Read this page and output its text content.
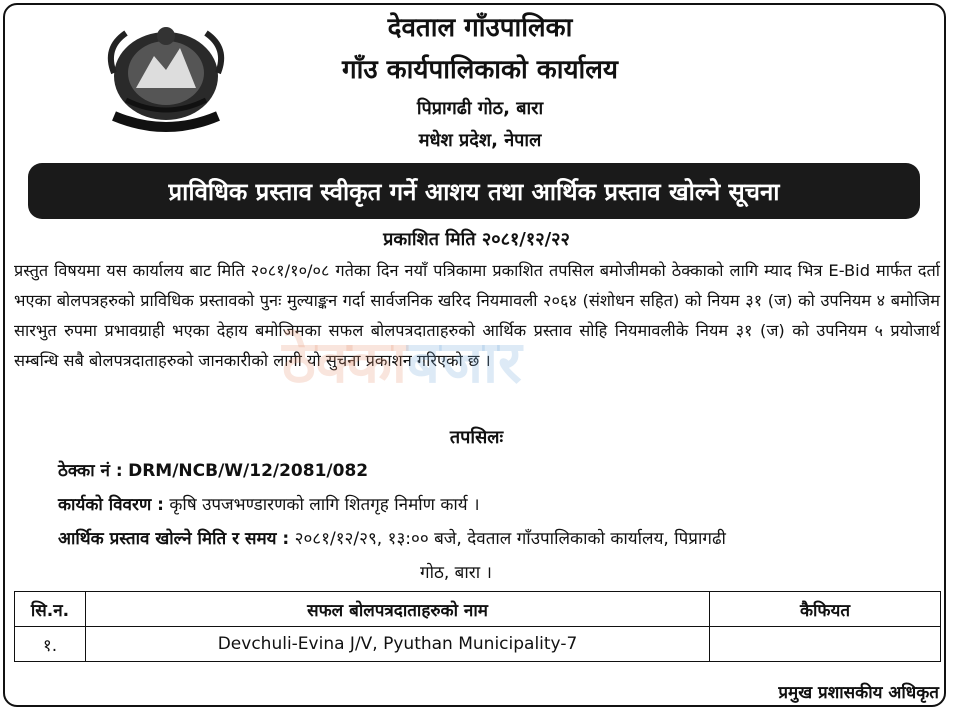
देवताल गाँउपालिका
गाँउ कार्यपालिकाको कार्यालय
पिप्रागढी गोठ, बारा
मधेश प्रदेश, नेपाल
प्राविधिक प्रस्ताव स्वीकृत गर्ने आशय तथा आर्थिक प्रस्ताव खोल्ने सूचना
प्रकाशित मिति २०८१/१२/२२
प्रस्तुत विषयमा यस कार्यालय बाट मिति २०८१/१०/०८ गतेका दिन नयाँ पत्रिकामा प्रकाशित तपसिल बमोजीमको ठेक्काको लागि म्याद भित्र E-Bid मार्फत दर्ता भएका बोलपत्रहरुको प्राविधिक प्रस्तावको पुनः मुल्याङ्कन गर्दा सार्वजनिक खरिद नियमावली २०६४ (संशोधन सहित) को नियम ३१ (ज) को उपनियम ४ बमोजिम सारभुत रुपमा प्रभावग्राही भएका देहाय बमोजिमका सफल बोलपत्रदाताहरुको आर्थिक प्रस्ताव सोहि नियमावलीके नियम ३१ (ज) को उपनियम ५ प्रयोजार्थ सम्बन्धि सबै बोलपत्रदाताहरुको जानकारीको लागी यो सुचना प्रकाशन गरिएको छ ।
ठेक्काबजार
तपसिलः
ठेक्का नं : DRM/NCB/W/12/2081/082
कार्यको विवरण : कृषि उपजभण्डारणको लागि शितगृह निर्माण कार्य ।
आर्थिक प्रस्ताव खोल्ने मिति र समय : २०८१/१२/२९, १३:०० बजे, देवताल गाँउपालिकाको कार्यालय, पिप्रागढी
गोठ, बारा ।
सि.न.	सफल बोलपत्रदाताहरुको नाम	कैफियत
१.	Devchuli-Evina J/V, Pyuthan Municipality-7	
प्रमुख प्रशासकीय अधिकृत
